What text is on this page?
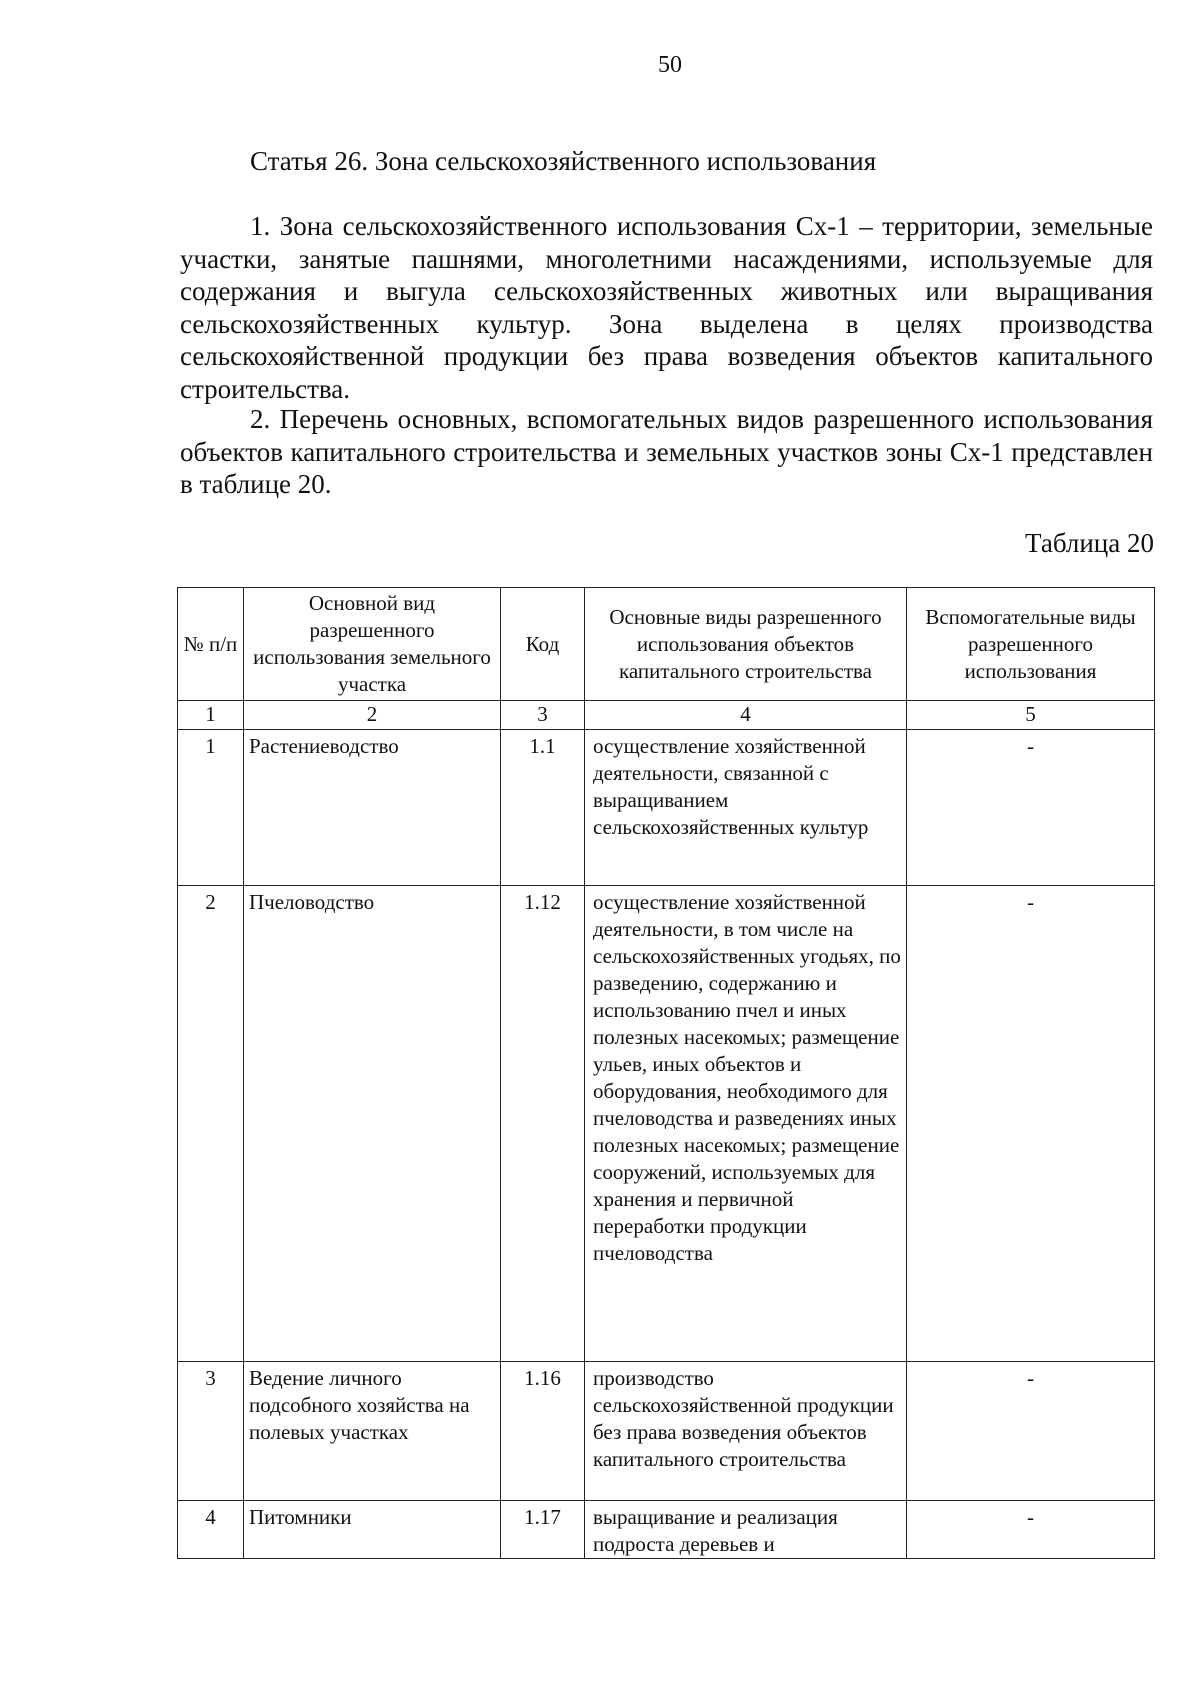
50
Статья 26. Зона сельскохозяйственного использования

1. Зона сельскохозяйственного использования Сх-1 – территории, земельные участки, занятые пашнями, многолетними насаждениями, используемые для содержания и выгула сельскохозяйственных животных или выращивания сельскохозяйственных культур. Зона выделена в целях производства сельскохояйственной продукции без права возведения объектов капитального строительства.

2. Перечень основных, вспомогательных видов разрешенного использования объектов капитального строительства и земельных участков зоны Сх-1 представлен в таблице 20.

Таблица 20
№ п/п	Основной вид разрешенного использования земельного участка	Код	Основные виды разрешенного использования объектов капитального строительства	Вспомогательные виды разрешенного использования
1	2	3	4	5
1	Растениеводство	1.1	осуществление хозяйственной деятельности, связанной с выращиванием сельскохозяйственных культур	-
2	Пчеловодство	1.12	осуществление хозяйственной деятельности, в том числе на сельскохозяйственных угодьях, по разведению, содержанию и использованию пчел и иных полезных насекомых; размещение ульев, иных объектов и оборудования, необходимого для пчеловодства и разведениях иных полезных насекомых; размещение сооружений, используемых для хранения и первичной переработки продукции пчеловодства	-
3	Ведение личного подсобного хозяйства на полевых участках	1.16	производство сельскохозяйственной продукции без права возведения объектов капитального строительства	-
4	Питомники	1.17	выращивание и реализация подроста деревьев и	-
